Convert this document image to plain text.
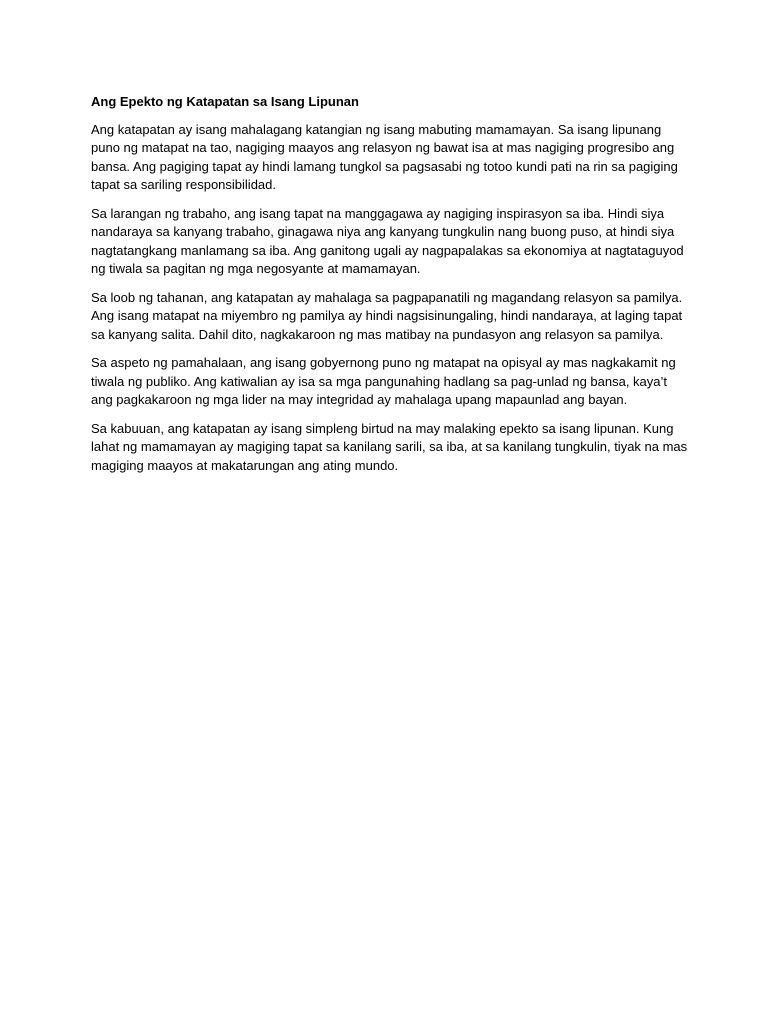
Ang Epekto ng Katapatan sa Isang Lipunan

Ang katapatan ay isang mahalagang katangian ng isang mabuting mamamayan. Sa isang lipunang puno ng matapat na tao, nagiging maayos ang relasyon ng bawat isa at mas nagiging progresibo ang bansa. Ang pagiging tapat ay hindi lamang tungkol sa pagsasabi ng totoo kundi pati na rin sa pagiging tapat sa sariling responsibilidad.

Sa larangan ng trabaho, ang isang tapat na manggagawa ay nagiging inspirasyon sa iba. Hindi siya nandaraya sa kanyang trabaho, ginagawa niya ang kanyang tungkulin nang buong puso, at hindi siya nagtatangkang manlamang sa iba. Ang ganitong ugali ay nagpapalakas sa ekonomiya at nagtataguyod ng tiwala sa pagitan ng mga negosyante at mamamayan.

Sa loob ng tahanan, ang katapatan ay mahalaga sa pagpapanatili ng magandang relasyon sa pamilya. Ang isang matapat na miyembro ng pamilya ay hindi nagsisinungaling, hindi nandaraya, at laging tapat sa kanyang salita. Dahil dito, nagkakaroon ng mas matibay na pundasyon ang relasyon sa pamilya.

Sa aspeto ng pamahalaan, ang isang gobyernong puno ng matapat na opisyal ay mas nagkakamit ng tiwala ng publiko. Ang katiwalian ay isa sa mga pangunahing hadlang sa pag-unlad ng bansa, kaya’t ang pagkakaroon ng mga lider na may integridad ay mahalaga upang mapaunlad ang bayan.

Sa kabuuan, ang katapatan ay isang simpleng birtud na may malaking epekto sa isang lipunan. Kung lahat ng mamamayan ay magiging tapat sa kanilang sarili, sa iba, at sa kanilang tungkulin, tiyak na mas magiging maayos at makatarungan ang ating mundo.
